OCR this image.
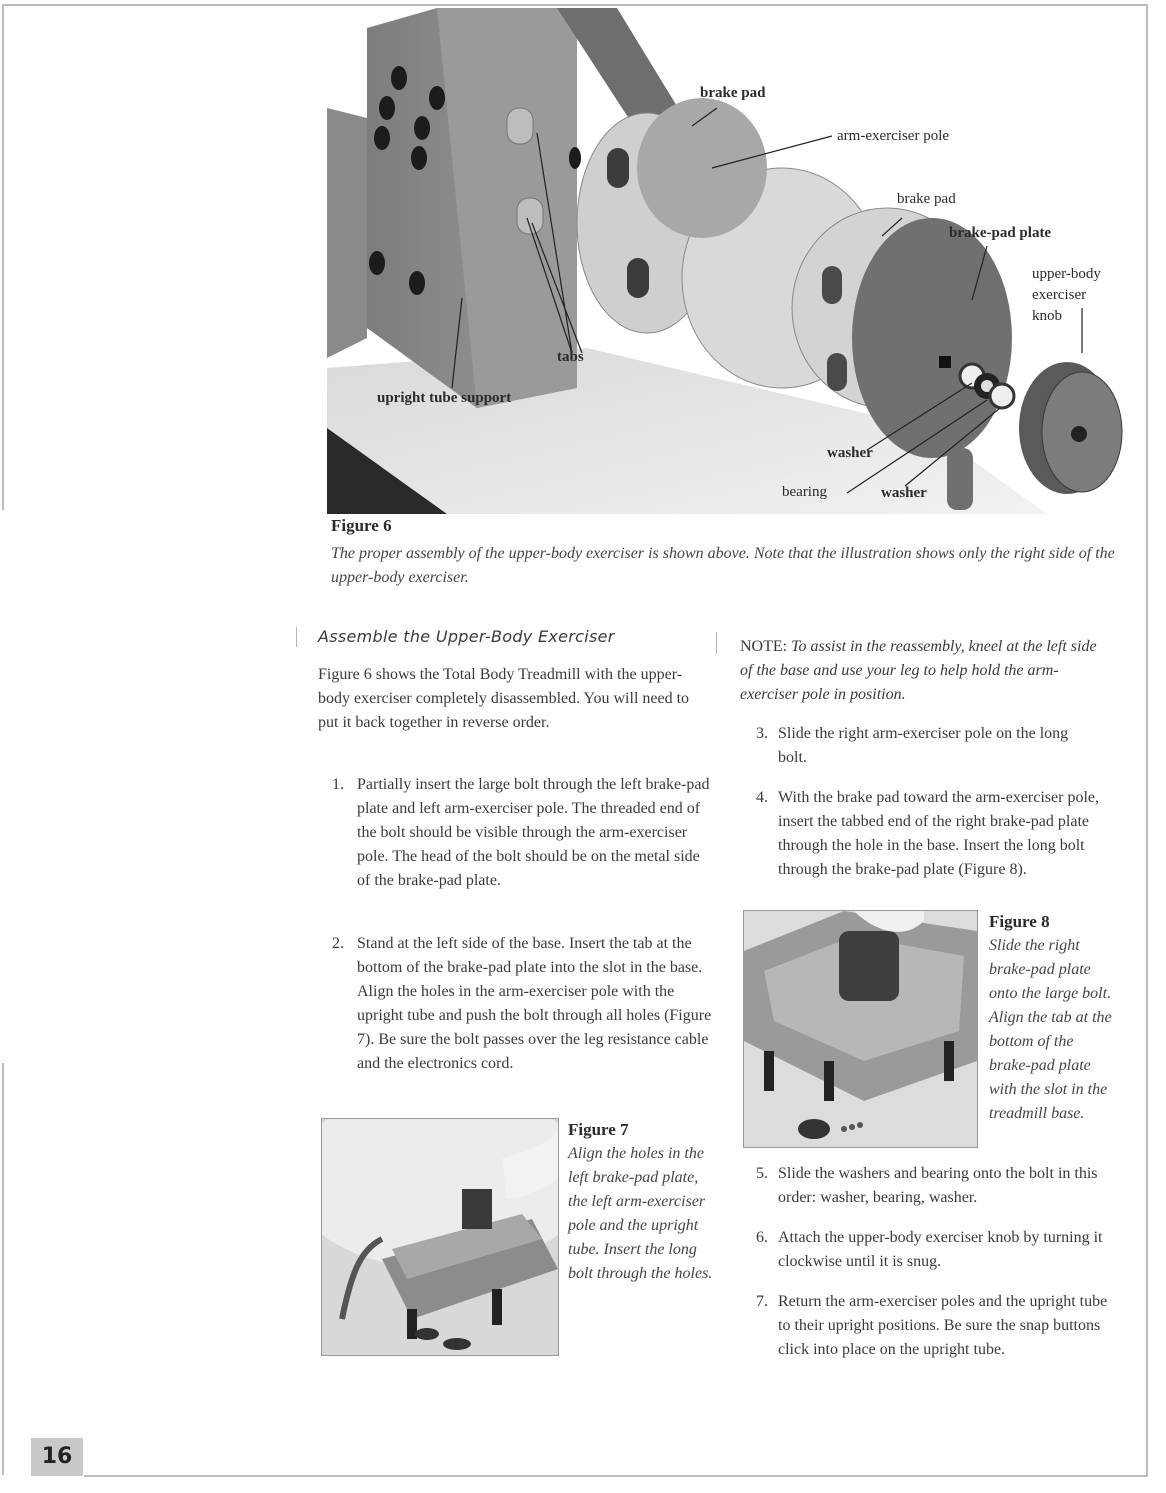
brake pad
arm-exerciser pole
brake pad
brake-pad plate
upper-body
exerciser
knob
tabs
upright tube support
washer
bearing	washer
Figure 6
The proper assembly of the upper-body exerciser is shown above. Note that the illustration shows only the right side of the upper-body exerciser.
Assemble the Upper-Body Exerciser

Figure 6 shows the Total Body Treadmill with the upper-body exerciser completely disassembled. You will need to put it back together in reverse order.

1. Partially insert the large bolt through the left brake-pad plate and left arm-exerciser pole. The threaded end of the bolt should be visible through the arm-exerciser pole. The head of the bolt should be on the metal side of the brake-pad plate.
2. Stand at the left side of the base. Insert the tab at the bottom of the brake-pad plate into the slot in the base. Align the holes in the arm-exerciser pole with the upright tube and push the bolt through all holes (Figure 7). Be sure the bolt passes over the leg resistance cable and the electronics cord.
Figure 7
Align the holes in the left brake-pad plate, the left arm-exerciser pole and the upright tube. Insert the long bolt through the holes.
NOTE: To assist in the reassembly, kneel at the left side of the base and use your leg to help hold the arm-exerciser pole in position.
3. Slide the right arm-exerciser pole on the long bolt.
4. With the brake pad toward the arm-exerciser pole, insert the tabbed end of the right brake-pad plate through the hole in the base. Insert the long bolt through the brake-pad plate (Figure 8).
Figure 8
Slide the right brake-pad plate onto the large bolt. Align the tab at the bottom of the brake-pad plate with the slot in the treadmill base.
5. Slide the washers and bearing onto the bolt in this order: washer, bearing, washer.
6. Attach the upper-body exerciser knob by turning it clockwise until it is snug.
7. Return the arm-exerciser poles and the upright tube to their upright positions. Be sure the snap buttons click into place on the upright tube.
16
